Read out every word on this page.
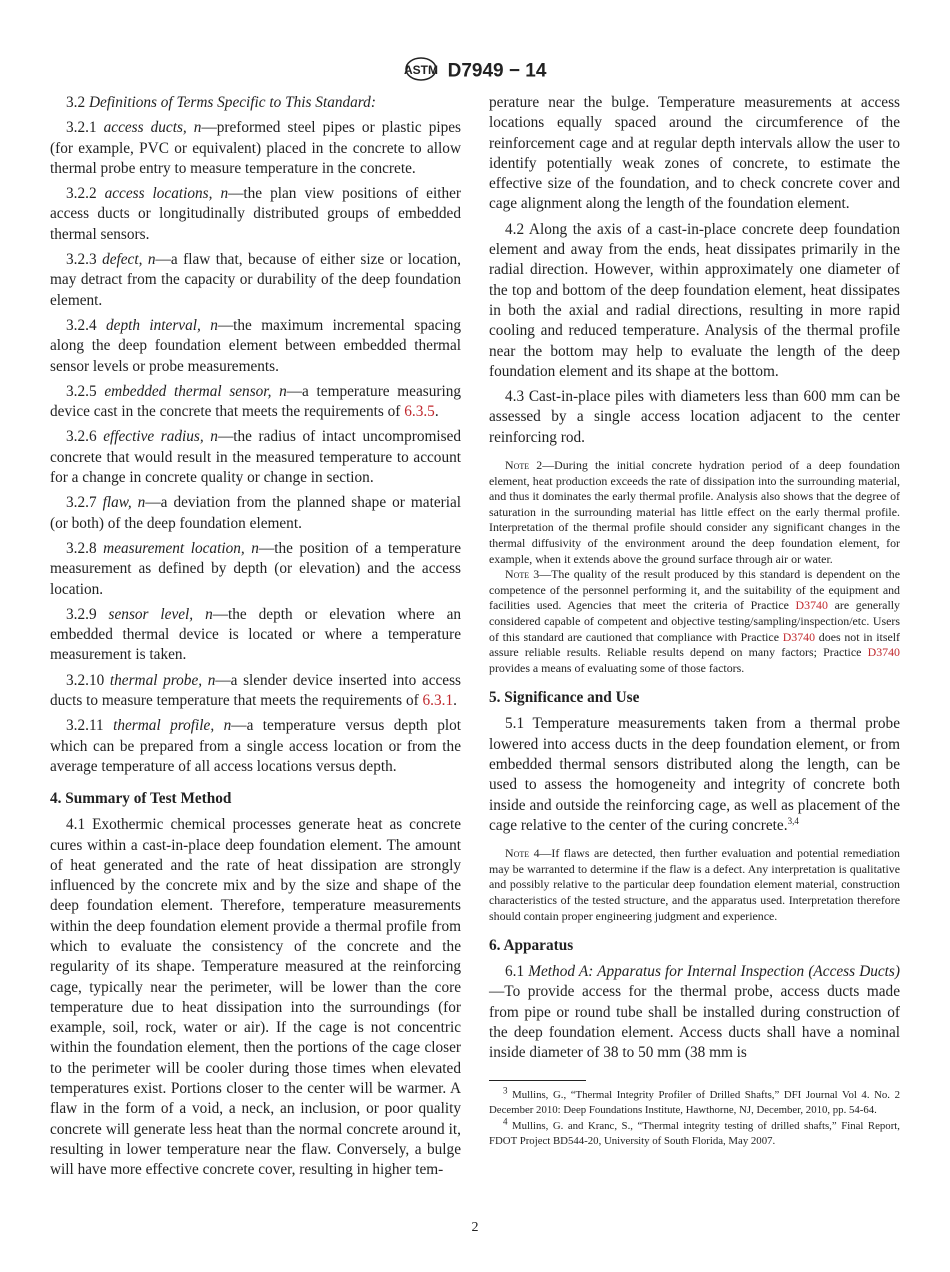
ASTM D7949 − 14

3.2 Definitions of Terms Specific to This Standard:

3.2.1 access ducts, n—preformed steel pipes or plastic pipes (for example, PVC or equivalent) placed in the concrete to allow thermal probe entry to measure temperature in the concrete.

3.2.2 access locations, n—the plan view positions of either access ducts or longitudinally distributed groups of embedded thermal sensors.

3.2.3 defect, n—a flaw that, because of either size or location, may detract from the capacity or durability of the deep foundation element.

3.2.4 depth interval, n—the maximum incremental spacing along the deep foundation element between embedded thermal sensor levels or probe measurements.

3.2.5 embedded thermal sensor, n—a temperature measuring device cast in the concrete that meets the requirements of 6.3.5.

3.2.6 effective radius, n—the radius of intact uncompromised concrete that would result in the measured temperature to account for a change in concrete quality or change in section.

3.2.7 flaw, n—a deviation from the planned shape or material (or both) of the deep foundation element.

3.2.8 measurement location, n—the position of a temperature measurement as defined by depth (or elevation) and the access location.

3.2.9 sensor level, n—the depth or elevation where an embedded thermal device is located or where a temperature measurement is taken.

3.2.10 thermal probe, n—a slender device inserted into access ducts to measure temperature that meets the requirements of 6.3.1.

3.2.11 thermal profile, n—a temperature versus depth plot which can be prepared from a single access location or from the average temperature of all access locations versus depth.

4. Summary of Test Method

4.1 Exothermic chemical processes generate heat as concrete cures within a cast-in-place deep foundation element. The amount of heat generated and the rate of heat dissipation are strongly influenced by the concrete mix and by the size and shape of the deep foundation element. Therefore, temperature measurements within the deep foundation element provide a thermal profile from which to evaluate the consistency of the concrete and the regularity of its shape. Temperature measured at the reinforcing cage, typically near the perimeter, will be lower than the core temperature due to heat dissipation into the surroundings (for example, soil, rock, water or air). If the cage is not concentric within the foundation element, then the portions of the cage closer to the perimeter will be cooler during those times when elevated temperatures exist. Portions closer to the center will be warmer. A flaw in the form of a void, a neck, an inclusion, or poor quality concrete will generate less heat than the normal concrete around it, resulting in lower temperature near the flaw. Conversely, a bulge will have more effective concrete cover, resulting in higher tem-

perature near the bulge. Temperature measurements at access locations equally spaced around the circumference of the reinforcement cage and at regular depth intervals allow the user to identify potentially weak zones of concrete, to estimate the effective size of the foundation, and to check concrete cover and cage alignment along the length of the foundation element.

4.2 Along the axis of a cast-in-place concrete deep foundation element and away from the ends, heat dissipates primarily in the radial direction. However, within approximately one diameter of the top and bottom of the deep foundation element, heat dissipates in both the axial and radial directions, resulting in more rapid cooling and reduced temperature. Analysis of the thermal profile near the bottom may help to evaluate the length of the deep foundation element and its shape at the bottom.

4.3 Cast-in-place piles with diameters less than 600 mm can be assessed by a single access location adjacent to the center reinforcing rod.

Note 2—During the initial concrete hydration period of a deep foundation element, heat production exceeds the rate of dissipation into the surrounding material, and thus it dominates the early thermal profile. Analysis also shows that the degree of saturation in the surrounding material has little effect on the early thermal profile. Interpretation of the thermal profile should consider any significant changes in the thermal diffusivity of the environment around the deep foundation element, for example, when it extends above the ground surface through air or water.

Note 3—The quality of the result produced by this standard is dependent on the competence of the personnel performing it, and the suitability of the equipment and facilities used. Agencies that meet the criteria of Practice D3740 are generally considered capable of competent and objective testing/sampling/inspection/etc. Users of this standard are cautioned that compliance with Practice D3740 does not in itself assure reliable results. Reliable results depend on many factors; Practice D3740 provides a means of evaluating some of those factors.

5. Significance and Use

5.1 Temperature measurements taken from a thermal probe lowered into access ducts in the deep foundation element, or from embedded thermal sensors distributed along the length, can be used to assess the homogeneity and integrity of concrete both inside and outside the reinforcing cage, as well as placement of the cage relative to the center of the curing concrete.$^{3,4}$

Note 4—If flaws are detected, then further evaluation and potential remediation may be warranted to determine if the flaw is a defect. Any interpretation is qualitative and possibly relative to the particular deep foundation element material, construction characteristics of the tested structure, and the apparatus used. Interpretation therefore should contain proper engineering judgment and experience.

6. Apparatus

6.1 Method A: Apparatus for Internal Inspection (Access Ducts)—To provide access for the thermal probe, access ducts made from pipe or round tube shall be installed during construction of the deep foundation element. Access ducts shall have a nominal inside diameter of 38 to 50 mm (38 mm is

$^3$ Mullins, G., “Thermal Integrity Profiler of Drilled Shafts,” DFI Journal Vol 4. No. 2 December 2010: Deep Foundations Institute, Hawthorne, NJ, December, 2010, pp. 54-64.

$^4$ Mullins, G. and Kranc, S., “Thermal integrity testing of drilled shafts,” Final Report, FDOT Project BD544-20, University of South Florida, May 2007.

2
